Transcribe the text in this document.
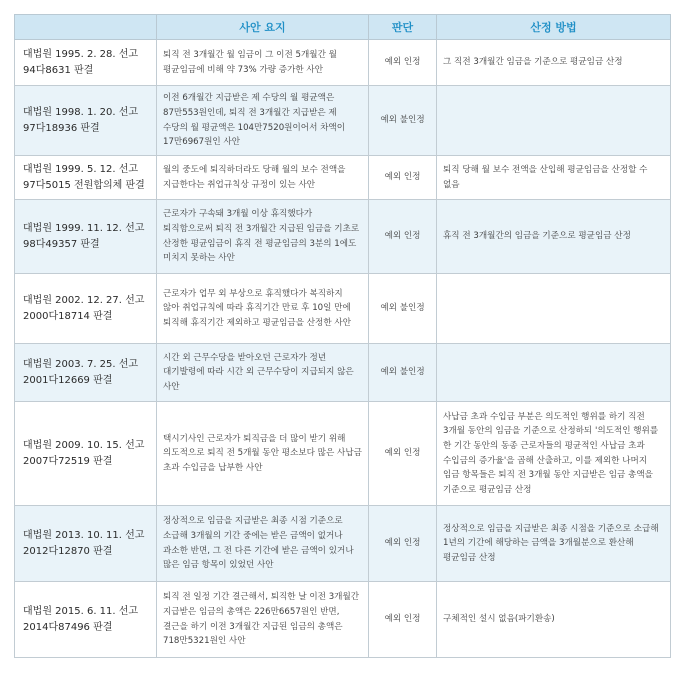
	사안 요지	판단	산정 방법
대법원 1995. 2. 28. 선고 94다8631 판결	퇴직 전 3개월간 월 임금이 그 이전 5개월간 월 평균임금에 비해 약 73% 가량 증가한 사안	예외 인정	그 직전 3개월간 임금을 기준으로 평균임금 산정
대법원 1998. 1. 20. 선고 97다18936 판결	이전 6개월간 지급받은 제 수당의 월 평균액은 87만553원인데, 퇴직 전 3개월간 지급받은 제 수당의 월 평균액은 104만7520원이어서 차액이 17만6967원인 사안	예외 불인정	
대법원 1999. 5. 12. 선고 97다5015 전원합의체 판결	월의 중도에 퇴직하더라도 당해 월의 보수 전액을 지급한다는 취업규칙상 규정이 있는 사안	예외 인정	퇴직 당해 월 보수 전액을 산입해 평균임금을 산정할 수 없음
대법원 1999. 11. 12. 선고 98다49357 판결	근로자가 구속돼 3개월 이상 휴직했다가 퇴직함으로써 퇴직 전 3개월간 지급된 임금을 기초로 산정한 평균임금이 휴직 전 평균임금의 3분의 1에도 미치지 못하는 사안	예외 인정	휴직 전 3개월간의 임금을 기준으로 평균임금 산정
대법원 2002. 12. 27. 선고 2000다18714 판결	근로자가 업무 외 부상으로 휴직했다가 복직하지 않아 취업규칙에 따라 휴직기간 만료 후 10일 만에 퇴직해 휴직기간 제외하고 평균임금을 산정한 사안	예외 불인정	
대법원 2003. 7. 25. 선고 2001다12669 판결	시간 외 근무수당을 받아오던 근로자가 정년 대기발령에 따라 시간 외 근무수당이 지급되지 않은 사안	예외 불인정	
대법원 2009. 10. 15. 선고 2007다72519 판결	택시기사인 근로자가 퇴직금을 더 많이 받기 위해 의도적으로 퇴직 전 5개월 동안 평소보다 많은 사납금 초과 수입금을 납부한 사안	예외 인정	사납금 초과 수입금 부분은 의도적인 행위를 하기 직전 3개월 동안의 임금을 기준으로 산정하되 '의도적인 행위를 한 기간 동안의 동종 근로자들의 평균적인 사납금 초과 수입금의 증가율'을 곱해 산출하고, 이를 제외한 나머지 임금 항목들은 퇴직 전 3개월 동안 지급받은 임금 총액을 기준으로 평균임금 산정
대법원 2013. 10. 11. 선고 2012다12870 판결	정상적으로 임금을 지급받은 최종 시점 기준으로 소급해 3개월의 기간 중에는 받은 금액이 없거나 과소한 반면, 그 전 다른 기간에 받은 금액이 있거나 많은 임금 항목이 있었던 사안	예외 인정	정상적으로 임금을 지급받은 최종 시점을 기준으로 소급해 1년의 기간에 해당하는 금액을 3개월분으로 환산해 평균임금 산정
대법원 2015. 6. 11. 선고 2014다87496 판결	퇴직 전 일정 기간 결근해서, 퇴직한 날 이전 3개월간 지급받은 임금의 총액은 226만6657원인 반면, 결근을 하기 이전 3개월간 지급된 임금의 총액은 718만5321원인 사안	예외 인정	구체적인 설시 없음(파기환송)
